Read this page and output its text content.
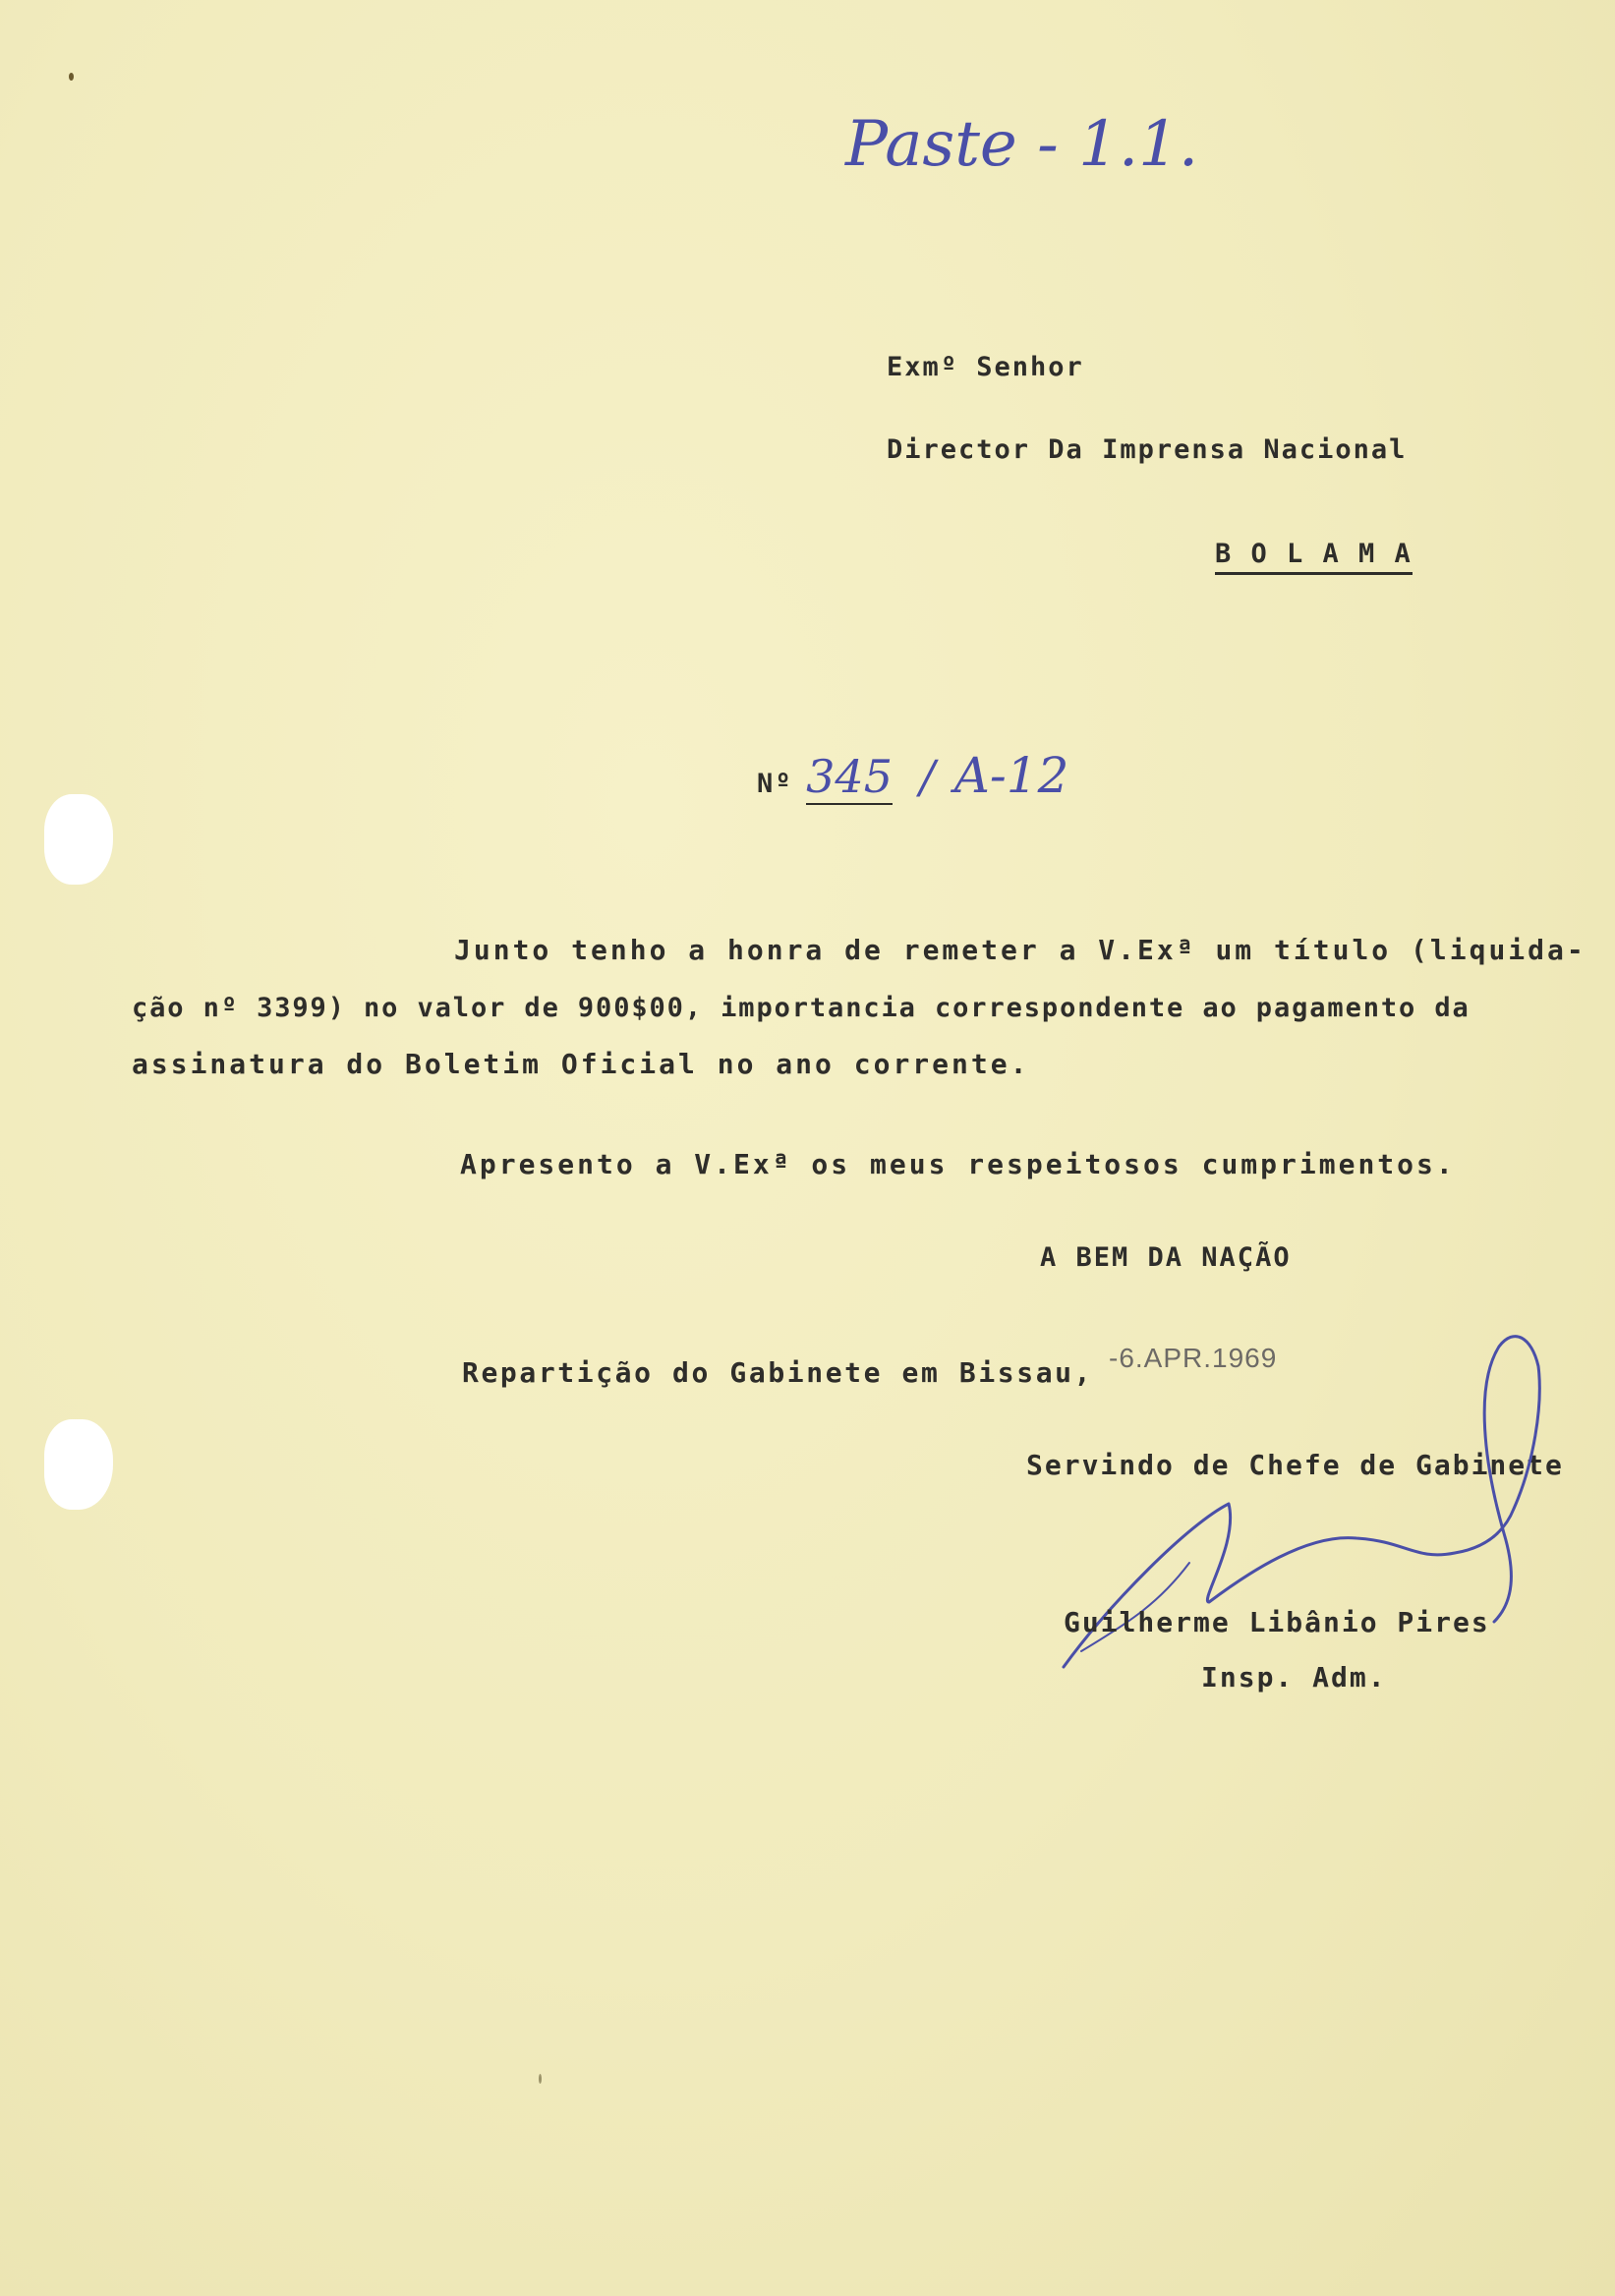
Paste - 1.1.
Exmº Senhor
Director Da Imprensa Nacional
B O L A M A
Nº 345 / A-12
Junto tenho a honra de remeter a V.Exª um título (liquida-
ção nº 3399) no valor de 900$00, importancia correspondente ao pagamento da
assinatura do Boletim Oficial no ano corrente.
Apresento a V.Exª os meus respeitosos cumprimentos.
A BEM DA NAÇÃO
Repartição do Gabinete em Bissau, -6.APR.1969
Servindo de Chefe de Gabinete
Guilherme Libânio Pires
Insp. Adm.
